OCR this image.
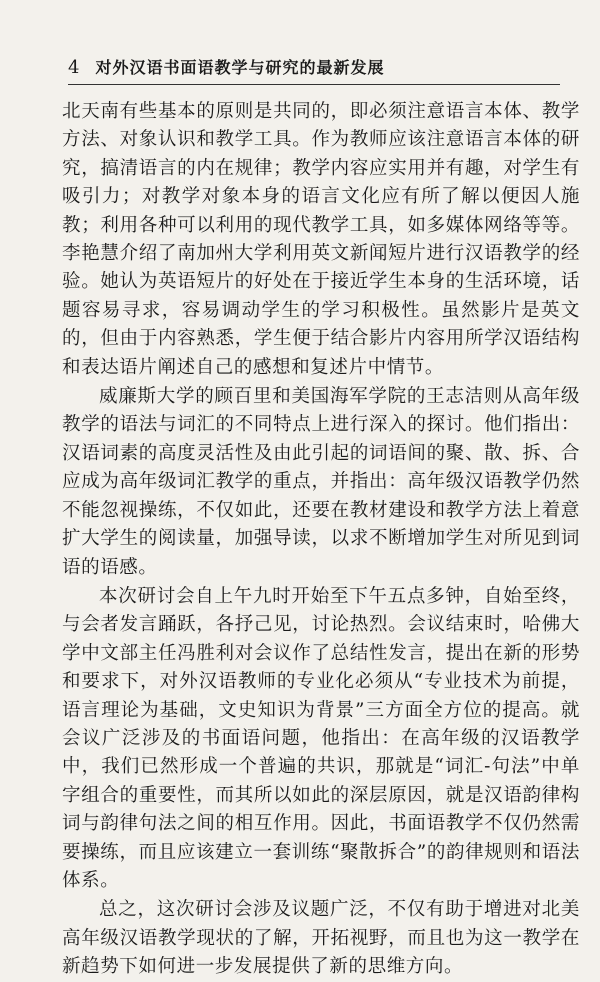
4 对外汉语书面语教学与研究的最新发展

北天南有些基本的原则是共同的，即必须注意语言本体、教学方法、对象认识和教学工具。作为教师应该注意语言本体的研究，搞清语言的内在规律；教学内容应实用并有趣，对学生有吸引力；对教学对象本身的语言文化应有所了解以便因人施教；利用各种可以利用的现代教学工具，如多媒体网络等等。李艳慧介绍了南加州大学利用英文新闻短片进行汉语教学的经验。她认为英语短片的好处在于接近学生本身的生活环境，话题容易寻求，容易调动学生的学习积极性。虽然影片是英文的，但由于内容熟悉，学生便于结合影片内容用所学汉语结构和表达语片阐述自己的感想和复述片中情节。

威廉斯大学的顾百里和美国海军学院的王志洁则从高年级教学的语法与词汇的不同特点上进行深入的探讨。他们指出：汉语词素的高度灵活性及由此引起的词语间的聚、散、拆、合应成为高年级词汇教学的重点，并指出：高年级汉语教学仍然不能忽视操练，不仅如此，还要在教材建设和教学方法上着意扩大学生的阅读量，加强导读，以求不断增加学生对所见到词语的语感。

本次研讨会自上午九时开始至下午五点多钟，自始至终，与会者发言踊跃，各抒己见，讨论热烈。会议结束时，哈佛大学中文部主任冯胜利对会议作了总结性发言，提出在新的形势和要求下，对外汉语教师的专业化必须从“专业技术为前提，语言理论为基础，文史知识为背景”三方面全方位的提高。就会议广泛涉及的书面语问题，他指出：在高年级的汉语教学中，我们已然形成一个普遍的共识，那就是“词汇-句法”中单字组合的重要性，而其所以如此的深层原因，就是汉语韵律构词与韵律句法之间的相互作用。因此，书面语教学不仅仍然需要操练，而且应该建立一套训练“聚散拆合”的韵律规则和语法体系。

总之，这次研讨会涉及议题广泛，不仅有助于增进对北美高年级汉语教学现状的了解，开拓视野，而且也为这一教学在新趋势下如何进一步发展提供了新的思维方向。
